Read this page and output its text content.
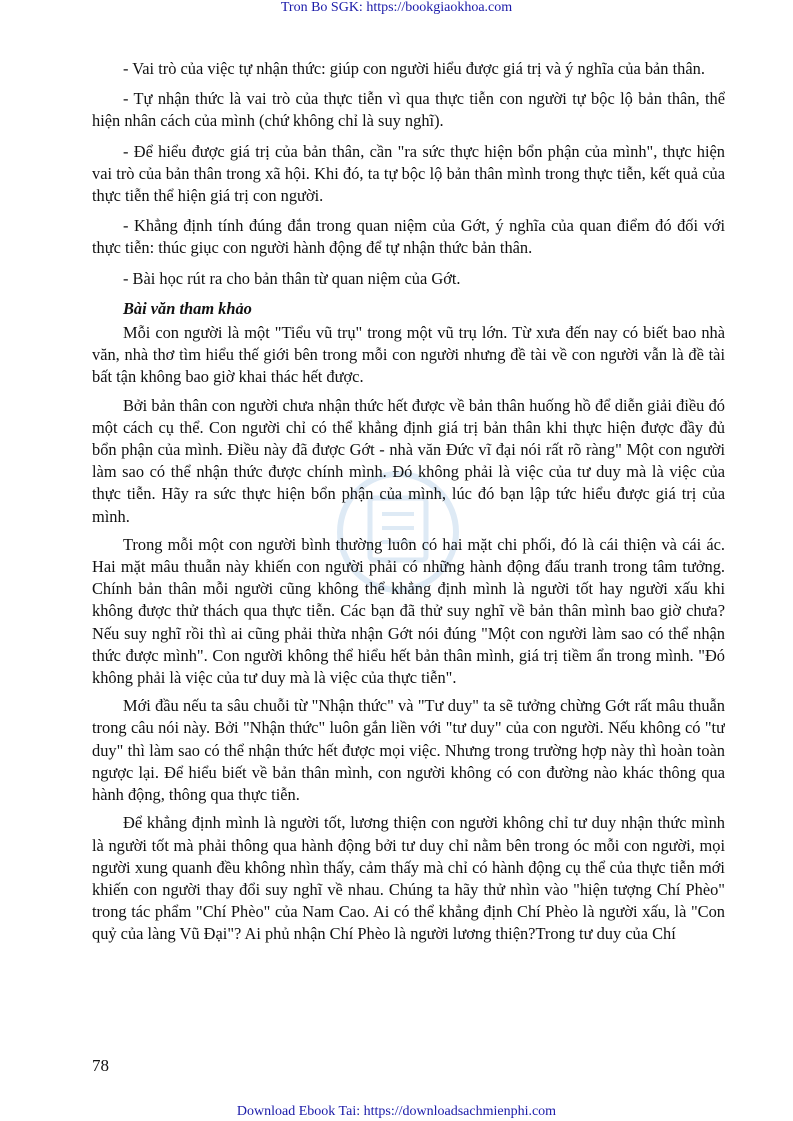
Tron Bo SGK: https://bookgiaokhoa.com

- Vai trò của việc tự nhận thức: giúp con người hiểu được giá trị và ý nghĩa của bản thân.

- Tự nhận thức là vai trò của thực tiễn vì qua thực tiễn con người tự bộc lộ bản thân, thể hiện nhân cách của mình (chứ không chỉ là suy nghĩ).

- Để hiểu được giá trị của bản thân, cần "ra sức thực hiện bổn phận của mình", thực hiện vai trò của bản thân trong xã hội. Khi đó, ta tự bộc lộ bản thân mình trong thực tiễn, kết quả của thực tiễn thể hiện giá trị con người.

- Khẳng định tính đúng đắn trong quan niệm của Gớt, ý nghĩa của quan điểm đó đối với thực tiễn: thúc giục con người hành động để tự nhận thức bản thân.

- Bài học rút ra cho bản thân từ quan niệm của Gớt.

Bài văn tham khảo

Mỗi con người là một "Tiểu vũ trụ" trong một vũ trụ lớn. Từ xưa đến nay có biết bao nhà văn, nhà thơ tìm hiểu thế giới bên trong mỗi con người nhưng đề tài về con người vẫn là đề tài bất tận không bao giờ khai thác hết được.

Bởi bản thân con người chưa nhận thức hết được về bản thân huống hồ để diễn giải điều đó một cách cụ thể. Con người chỉ có thể khẳng định giá trị bản thân khi thực hiện được đầy đủ bổn phận của mình. Điều này đã được Gớt - nhà văn Đức vĩ đại nói rất rõ ràng" Một con người làm sao có thể nhận thức được chính mình. Đó không phải là việc của tư duy mà là việc của thực tiễn. Hãy ra sức thực hiện bổn phận của mình, lúc đó bạn lập tức hiểu được giá trị của mình.

Trong mỗi một con người bình thường luôn có hai mặt chi phối, đó là cái thiện và cái ác. Hai mặt mâu thuẫn này khiến con người phải có những hành động đấu tranh trong tâm tưởng. Chính bản thân mỗi người cũng không thể khẳng định mình là người tốt hay người xấu khi không được thử thách qua thực tiễn. Các bạn đã thử suy nghĩ về bản thân mình bao giờ chưa? Nếu suy nghĩ rồi thì ai cũng phải thừa nhận Gớt nói đúng "Một con người làm sao có thể nhận thức được mình". Con người không thể hiểu hết bản thân mình, giá trị tiềm ẩn trong mình. "Đó không phải là việc của tư duy mà là việc của thực tiễn".

Mới đầu nếu ta sâu chuỗi từ "Nhận thức" và "Tư duy" ta sẽ tưởng chừng Gớt rất mâu thuẫn trong câu nói này. Bởi "Nhận thức" luôn gắn liền với "tư duy" của con người. Nếu không có "tư duy" thì làm sao có thể nhận thức hết được mọi việc. Nhưng trong trường hợp này thì hoàn toàn ngược lại. Để hiểu biết về bản thân mình, con người không có con đường nào khác thông qua hành động, thông qua thực tiễn.

Để khẳng định mình là người tốt, lương thiện con người không chỉ tư duy nhận thức mình là người tốt mà phải thông qua hành động bởi tư duy chỉ nằm bên trong óc mỗi con người, mọi người xung quanh đều không nhìn thấy, cảm thấy mà chỉ có hành động cụ thể của thực tiễn mới khiến con người thay đổi suy nghĩ về nhau. Chúng ta hãy thử nhìn vào "hiện tượng Chí Phèo" trong tác phẩm "Chí Phèo" của Nam Cao. Ai có thể khẳng định Chí Phèo là người xấu, là "Con quỷ của làng Vũ Đại"? Ai phủ nhận Chí Phèo là người lương thiện?Trong tư duy của Chí

78
Download Ebook Tai: https://downloadsachmienphi.com
